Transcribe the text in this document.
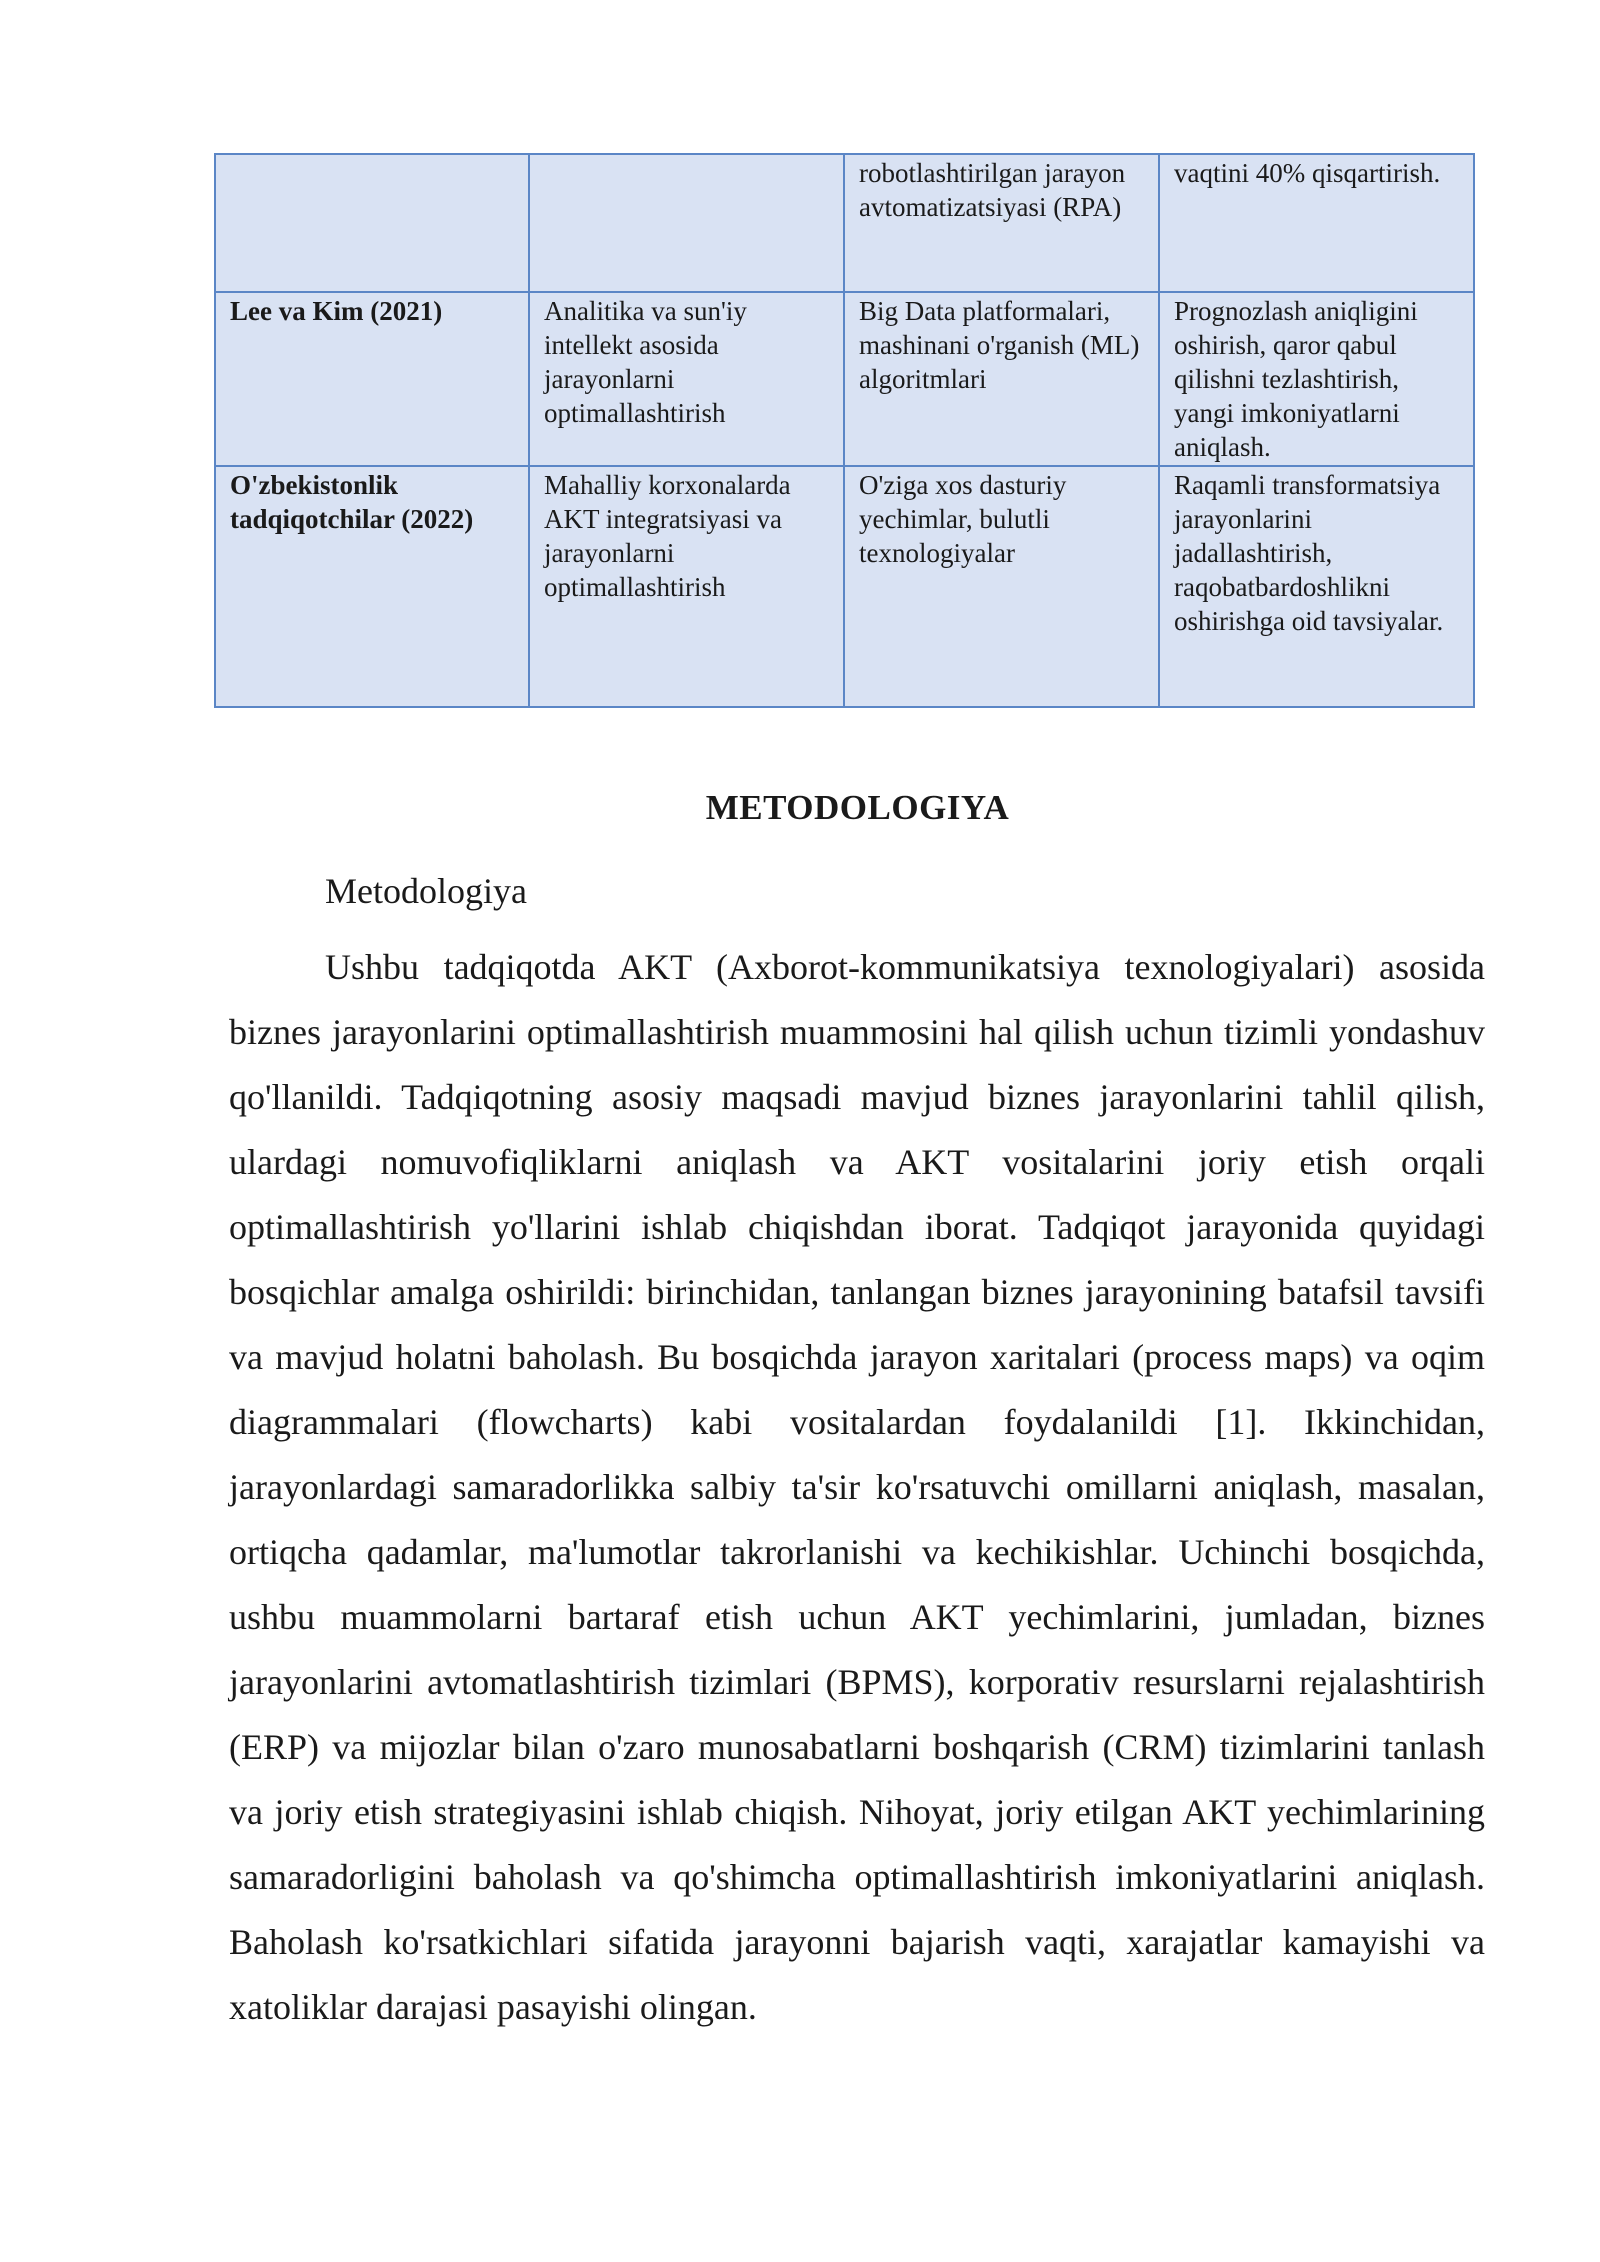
		robotlashtirilgan jarayon avtomatizatsiyasi (RPA)	vaqtini 40% qisqartirish.
Lee va Kim (2021)	Analitika va sun'iy intellekt asosida jarayonlarni optimallashtirish	Big Data platformalari, mashinani o'rganish (ML) algoritmlari	Prognozlash aniqligini oshirish, qaror qabul qilishni tezlashtirish, yangi imkoniyatlarni aniqlash.
O'zbekistonlik tadqiqotchilar (2022)	Mahalliy korxonalarda AKT integratsiyasi va jarayonlarni optimallashtirish	O'ziga xos dasturiy yechimlar, bulutli texnologiyalar	Raqamli transformatsiya jarayonlarini jadallashtirish, raqobatbardoshlikni oshirishga oid tavsiyalar.
METODOLOGIYA
Metodologiya

Ushbu tadqiqotda AKT (Axborot-kommunikatsiya texnologiyalari) asosida biznes jarayonlarini optimallashtirish muammosini hal qilish uchun tizimli yondashuv qo'llanildi. Tadqiqotning asosiy maqsadi mavjud biznes jarayonlarini tahlil qilish, ulardagi nomuvofiqliklarni aniqlash va AKT vositalarini joriy etish orqali optimallashtirish yo'llarini ishlab chiqishdan iborat. Tadqiqot jarayonida quyidagi bosqichlar amalga oshirildi: birinchidan, tanlangan biznes jarayonining batafsil tavsifi va mavjud holatni baholash. Bu bosqichda jarayon xaritalari (process maps) va oqim diagrammalari (flowcharts) kabi vositalardan foydalanildi [1]. Ikkinchidan, jarayonlardagi samaradorlikka salbiy ta'sir ko'rsatuvchi omillarni aniqlash, masalan, ortiqcha qadamlar, ma'lumotlar takrorlanishi va kechikishlar. Uchinchi bosqichda, ushbu muammolarni bartaraf etish uchun AKT yechimlarini, jumladan, biznes jarayonlarini avtomatlashtirish tizimlari (BPMS), korporativ resurslarni rejalashtirish (ERP) va mijozlar bilan o'zaro munosabatlarni boshqarish (CRM) tizimlarini tanlash va joriy etish strategiyasini ishlab chiqish. Nihoyat, joriy etilgan AKT yechimlarining samaradorligini baholash va qo'shimcha optimallashtirish imkoniyatlarini aniqlash. Baholash ko'rsatkichlari sifatida jarayonni bajarish vaqti, xarajatlar kamayishi va xatoliklar darajasi pasayishi olingan.
